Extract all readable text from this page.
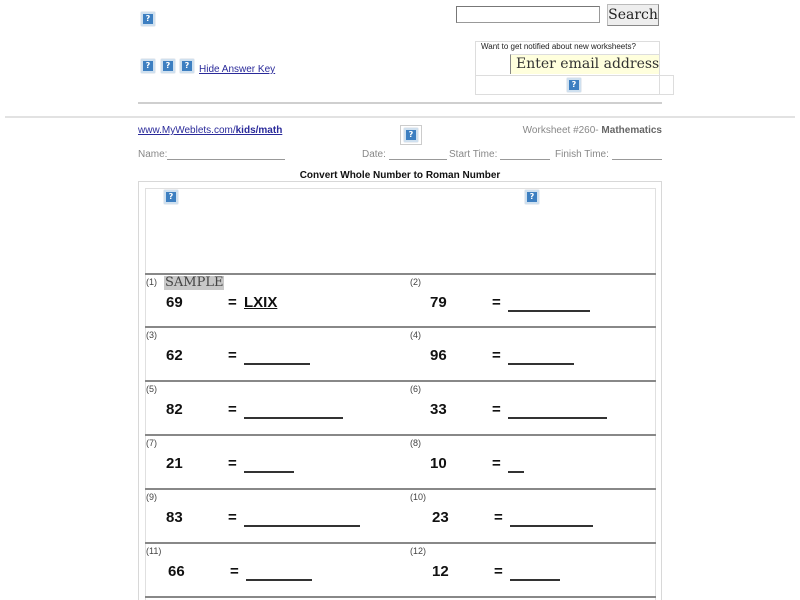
?
?	?	? Hide Answer Key
Search
Want to get notified about new worksheets?
Enter email address
?
www.MyWeblets.com/kids/math	?	Worksheet #260- Mathematics
Name:	Date:	Start Time:	Finish Time:
Convert Whole Number to Roman Number
?	?
(1) SAMPLE
69	= LXIX
(2)
79	=
(3)
62	=
(4)
96	=
(5)
82	=
(6)
33	=
(7)
21	=
(8)
10	=
(9)
83	=
(10)
23	=
(11)
66	=
(12)
12	=
